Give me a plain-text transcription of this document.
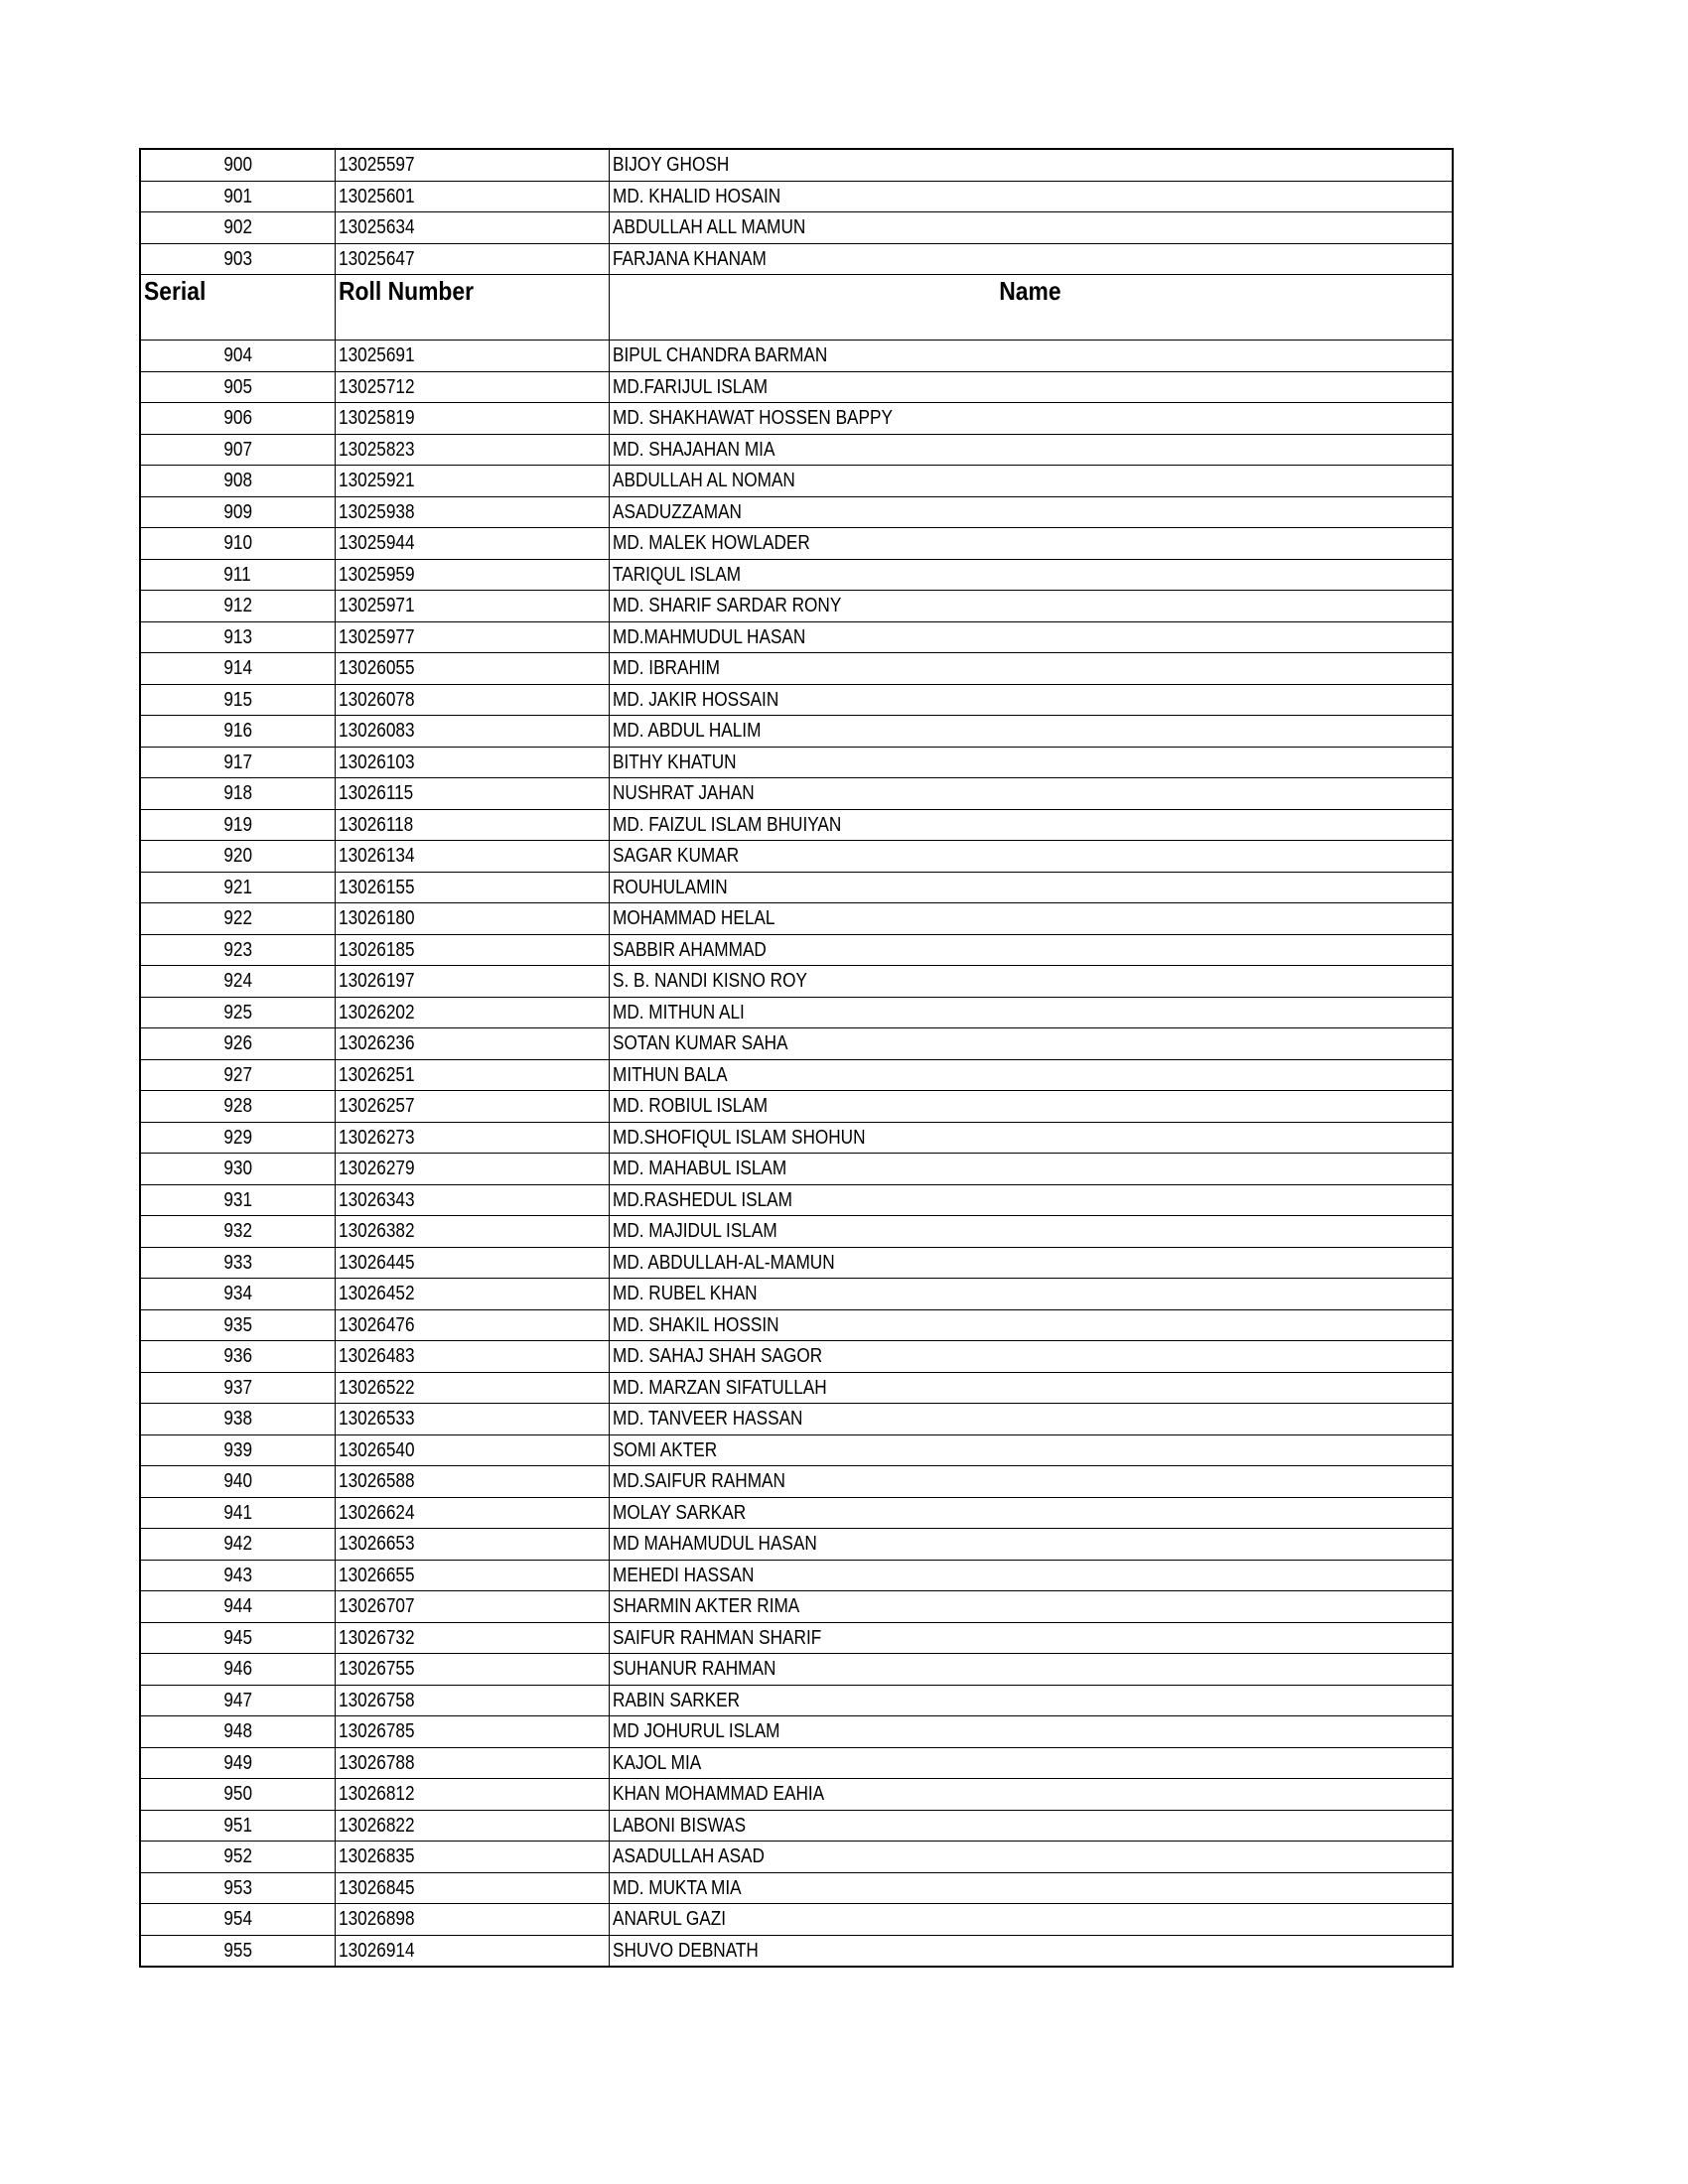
900	13025597	BIJOY GHOSH
901	13025601	MD. KHALID HOSAIN
902	13025634	ABDULLAH ALL MAMUN
903	13025647	FARJANA KHANAM
Serial	Roll Number	Name
904	13025691	BIPUL CHANDRA BARMAN
905	13025712	MD.FARIJUL ISLAM
906	13025819	MD. SHAKHAWAT HOSSEN BAPPY
907	13025823	MD. SHAJAHAN MIA
908	13025921	ABDULLAH AL NOMAN
909	13025938	ASADUZZAMAN
910	13025944	MD. MALEK HOWLADER
911	13025959	TARIQUL ISLAM
912	13025971	MD. SHARIF SARDAR RONY
913	13025977	MD.MAHMUDUL HASAN
914	13026055	MD. IBRAHIM
915	13026078	MD. JAKIR HOSSAIN
916	13026083	MD. ABDUL HALIM
917	13026103	BITHY KHATUN
918	13026115	NUSHRAT JAHAN
919	13026118	MD. FAIZUL ISLAM BHUIYAN
920	13026134	SAGAR KUMAR
921	13026155	ROUHULAMIN
922	13026180	MOHAMMAD HELAL
923	13026185	SABBIR AHAMMAD
924	13026197	S. B. NANDI KISNO ROY
925	13026202	MD. MITHUN ALI
926	13026236	SOTAN KUMAR SAHA
927	13026251	MITHUN BALA
928	13026257	MD. ROBIUL ISLAM
929	13026273	MD.SHOFIQUL ISLAM SHOHUN
930	13026279	MD. MAHABUL ISLAM
931	13026343	MD.RASHEDUL ISLAM
932	13026382	MD. MAJIDUL ISLAM
933	13026445	MD. ABDULLAH-AL-MAMUN
934	13026452	MD. RUBEL KHAN
935	13026476	MD. SHAKIL HOSSIN
936	13026483	MD. SAHAJ SHAH SAGOR
937	13026522	MD. MARZAN SIFATULLAH
938	13026533	MD. TANVEER HASSAN
939	13026540	SOMI AKTER
940	13026588	MD.SAIFUR RAHMAN
941	13026624	MOLAY SARKAR
942	13026653	MD MAHAMUDUL HASAN
943	13026655	MEHEDI HASSAN
944	13026707	SHARMIN AKTER RIMA
945	13026732	SAIFUR RAHMAN SHARIF
946	13026755	SUHANUR RAHMAN
947	13026758	RABIN SARKER
948	13026785	MD JOHURUL ISLAM
949	13026788	KAJOL MIA
950	13026812	KHAN MOHAMMAD EAHIA
951	13026822	LABONI BISWAS
952	13026835	ASADULLAH ASAD
953	13026845	MD. MUKTA MIA
954	13026898	ANARUL GAZI
955	13026914	SHUVO DEBNATH
